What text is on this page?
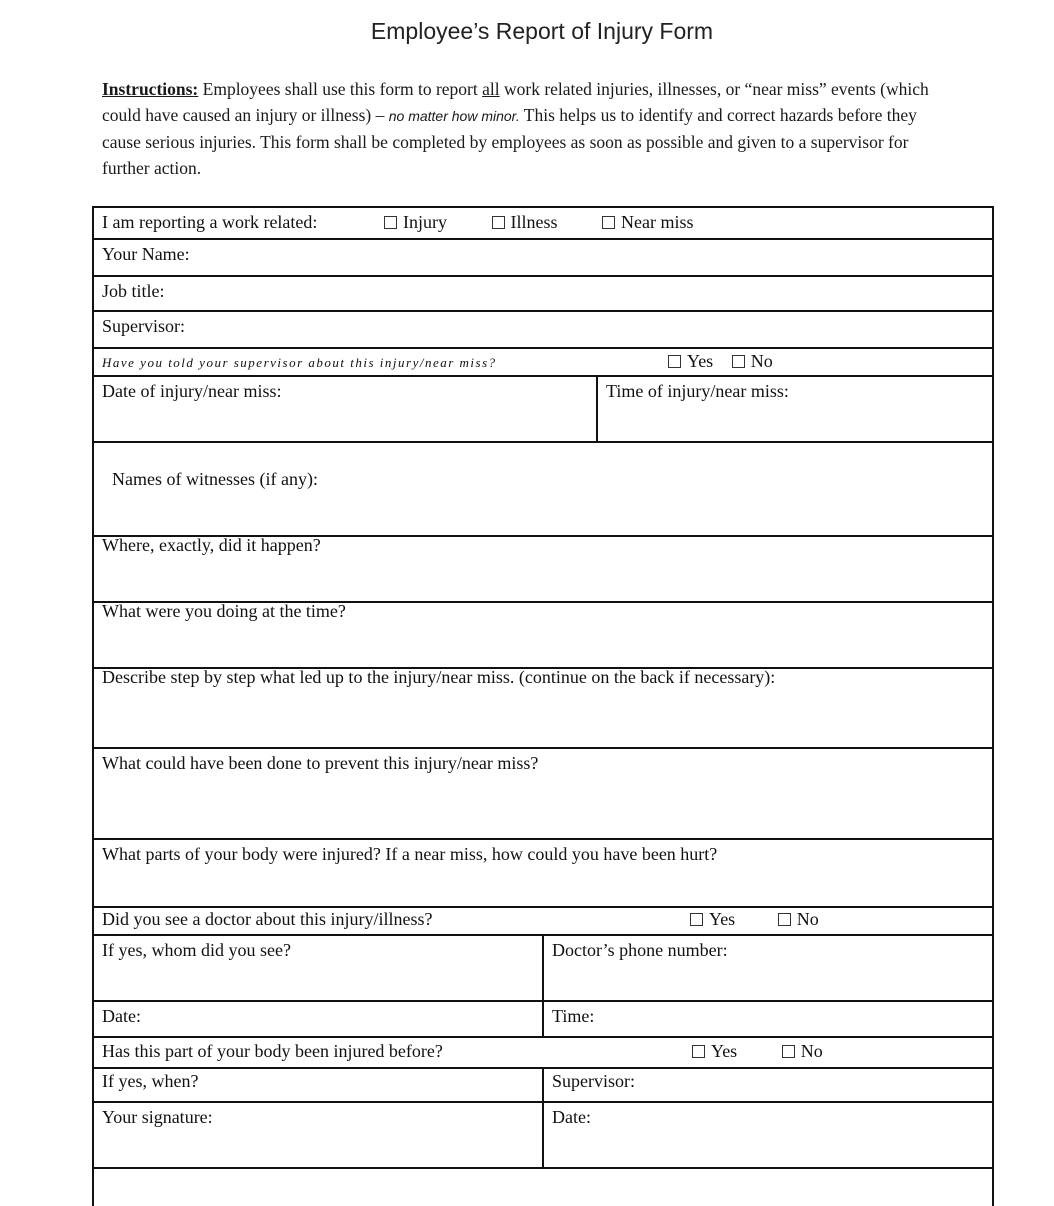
Employee’s Report of Injury Form
Instructions: Employees shall use this form to report all work related injuries, illnesses, or “near miss” events (which could have caused an injury or illness) – no matter how minor. This helps us to identify and correct hazards before they cause serious injuries. This form shall be completed by employees as soon as possible and given to a supervisor for further action.
I am reporting a work related:	Injury	Illness	Near miss
Your Name:
Job title:
Supervisor:
Have you told your supervisor about this injury/near miss?	Yes No
Date of injury/near miss:	Time of injury/near miss:
Names of witnesses (if any):
Where, exactly, did it happen?
What were you doing at the time?
Describe step by step what led up to the injury/near miss. (continue on the back if necessary):
What could have been done to prevent this injury/near miss?
What parts of your body were injured? If a near miss, how could you have been hurt?
Did you see a doctor about this injury/illness?	Yes	No
If yes, whom did you see?	Doctor’s phone number:
Date:	Time:
Has this part of your body been injured before?	Yes	No
If yes, when?	Supervisor:
Your signature:	Date:
